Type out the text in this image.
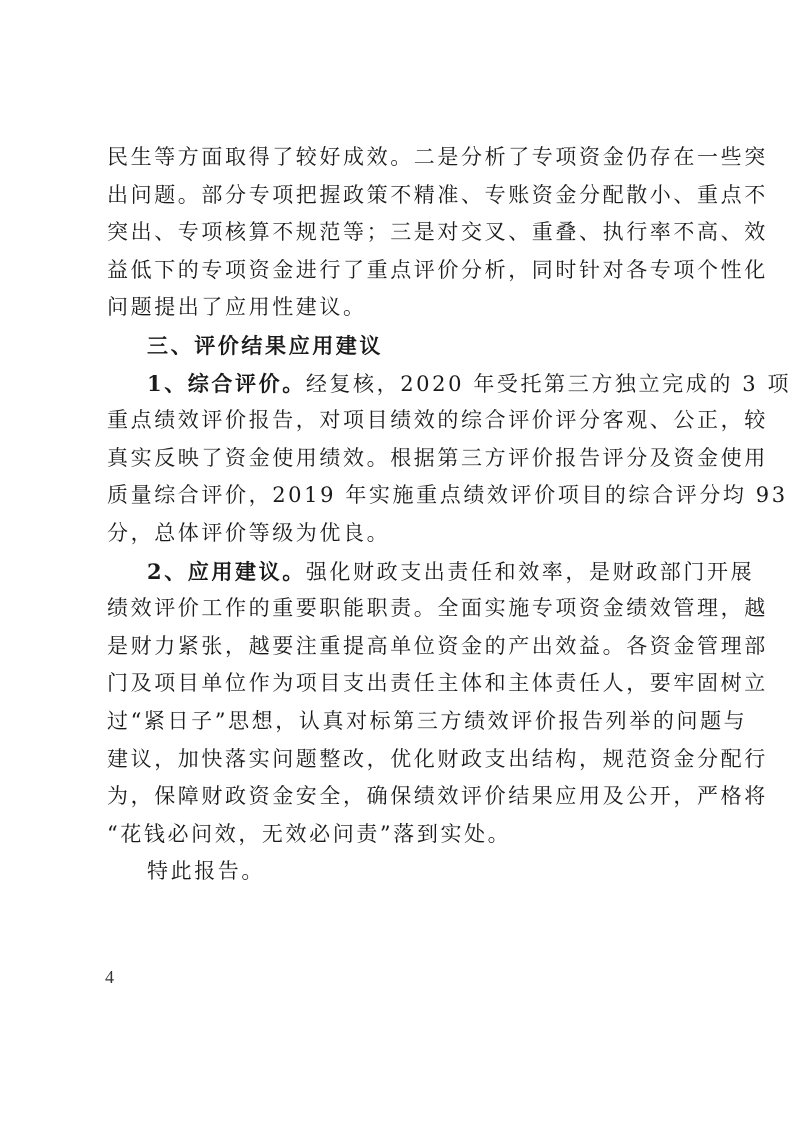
民生等方面取得了较好成效。二是分析了专项资金仍存在一些突
出问题。部分专项把握政策不精准、专账资金分配散小、重点不
突出、专项核算不规范等；三是对交叉、重叠、执行率不高、效
益低下的专项资金进行了重点评价分析，同时针对各专项个性化
问题提出了应用性建议。
三、评价结果应用建议
1、综合评价。经复核，2020 年受托第三方独立完成的 3 项
重点绩效评价报告，对项目绩效的综合评价评分客观、公正，较
真实反映了资金使用绩效。根据第三方评价报告评分及资金使用
质量综合评价，2019 年实施重点绩效评价项目的综合评分均 93
分，总体评价等级为优良。
2、应用建议。强化财政支出责任和效率，是财政部门开展
绩效评价工作的重要职能职责。全面实施专项资金绩效管理，越
是财力紧张，越要注重提高单位资金的产出效益。各资金管理部
门及项目单位作为项目支出责任主体和主体责任人，要牢固树立
过“紧日子”思想，认真对标第三方绩效评价报告列举的问题与
建议，加快落实问题整改，优化财政支出结构，规范资金分配行
为，保障财政资金安全，确保绩效评价结果应用及公开，严格将
“花钱必问效，无效必问责”落到实处。
特此报告。
4
